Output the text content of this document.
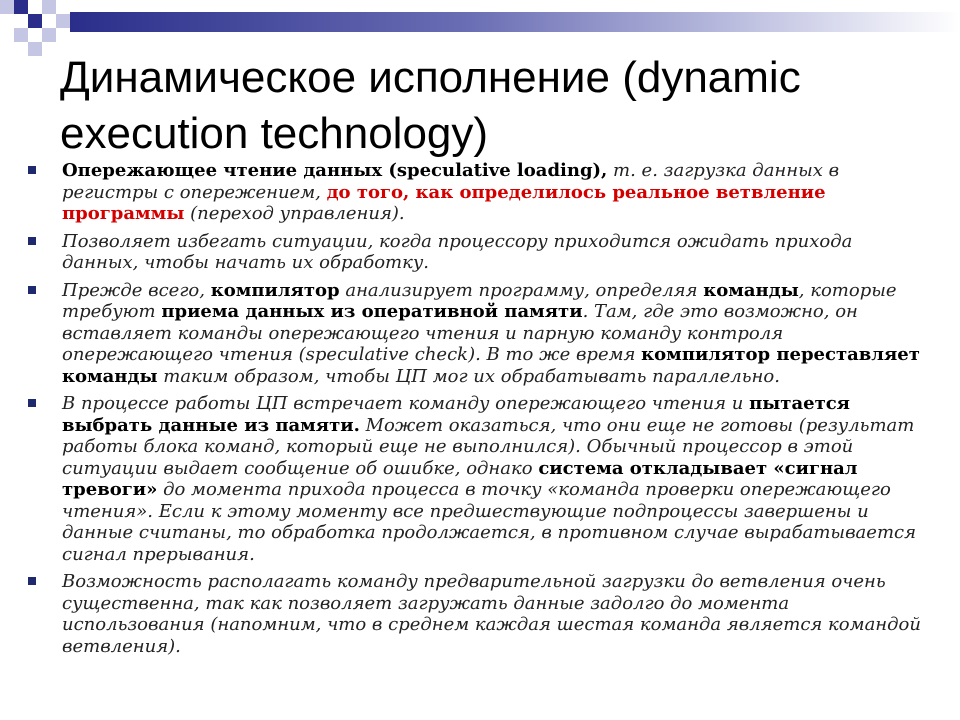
Динамическое исполнение (dynamic execution technology)
Опережающее чтение данных (speculative loading), т. е. загрузка данных в регистры с опережением, до того, как определилось реальное ветвление программы (переход управления).
Позволяет избегать ситуации, когда процессору приходится ожидать прихода данных, чтобы начать их обработку.
Прежде всего, компилятор анализирует программу, определяя команды, которые требуют приема данных из оперативной памяти. Там, где это возможно, он вставляет команды опережающего чтения и парную команду контроля опережающего чтения (speculative check). В то же время компилятор переставляет команды таким образом, чтобы ЦП мог их обрабатывать параллельно.
В процессе работы ЦП встречает команду опережающего чтения и пытается выбрать данные из памяти. Может оказаться, что они еще не готовы (результат работы блока команд, который еще не выполнился). Обычный процессор в этой ситуации выдает сообщение об ошибке, однако система откладывает «сигнал тревоги» до момента прихода процесса в точку «команда проверки опережающего чтения». Если к этому моменту все предшествующие подпроцессы завершены и данные считаны, то обработка продолжается, в противном случае вырабатывается сигнал прерывания.
Возможность располагать команду предварительной загрузки до ветвления очень существенна, так как позволяет загружать данные задолго до момента использования (напомним, что в среднем каждая шестая команда является командой ветвления).
